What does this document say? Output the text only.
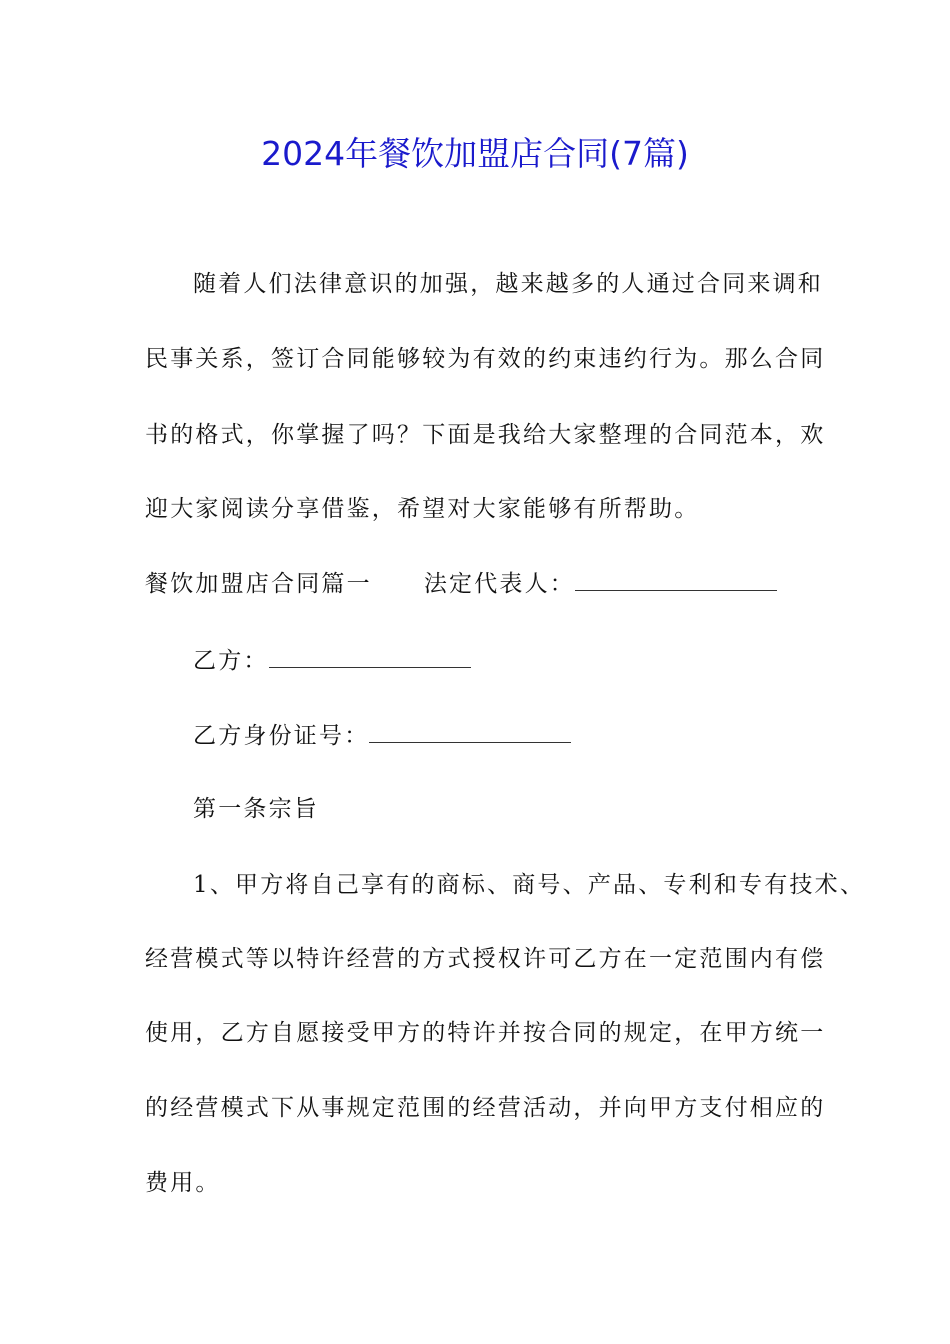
2024年餐饮加盟店合同(7篇)
随着人们法律意识的加强，越来越多的人通过合同来调和
民事关系，签订合同能够较为有效的约束违约行为。那么合同
书的格式，你掌握了吗？下面是我给大家整理的合同范本，欢
迎大家阅读分享借鉴，希望对大家能够有所帮助。
餐饮加盟店合同篇一 法定代表人：
乙方：
乙方身份证号：
第一条宗旨
1、甲方将自己享有的商标、商号、产品、专利和专有技术、
经营模式等以特许经营的方式授权许可乙方在一定范围内有偿
使用，乙方自愿接受甲方的特许并按合同的规定，在甲方统一
的经营模式下从事规定范围的经营活动，并向甲方支付相应的
费用。
